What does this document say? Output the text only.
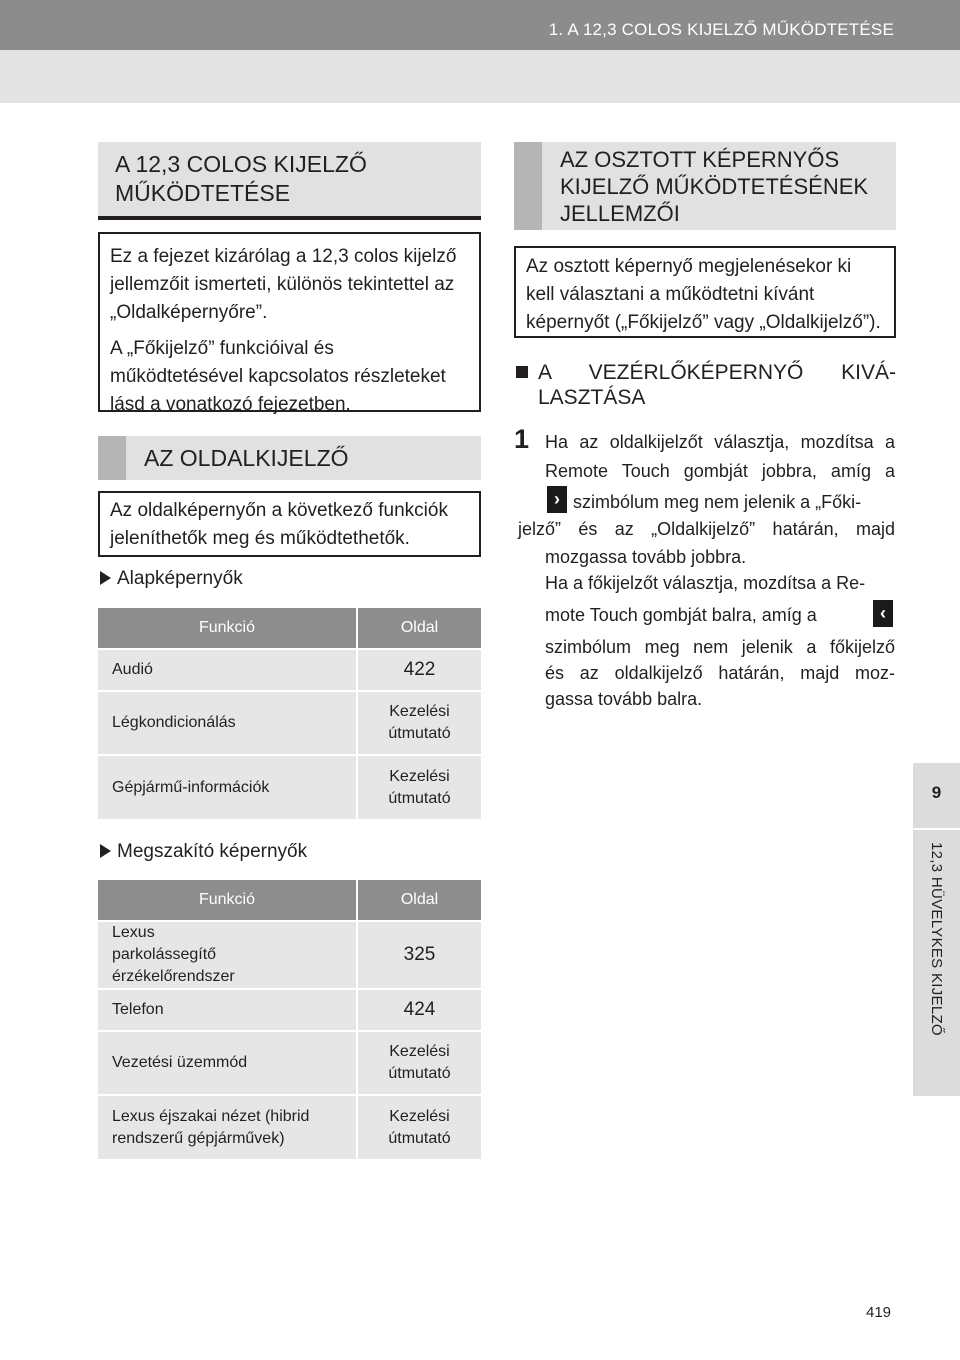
1. A 12,3 COLOS KIJELZŐ MŰKÖDTETÉSE
9
12,3 HÜVELYKES KIJELZŐ
A 12,3 COLOS KIJELZŐ
MŰKÖDTETÉSE

Ez a fejezet kizárólag a 12,3 colos kijelző jellemzőit ismerteti, különös tekintettel az „Oldalképernyőre”.

A „Főkijelző” funkcióival és működtetésével kapcsolatos részleteket lásd a vonatkozó fejezetben.

AZ OLDALKIJELZŐ

Az oldalképernyőn a következő funkciók jeleníthetők meg és működtethetők.

Alapképernyők
Funkció	Oldal
Audió	422
Légkondicionálás	Kezelési útmutató
Gépjármű-információk	Kezelési útmutató
Megszakító képernyők
Funkció	Oldal
Lexus parkolássegítő érzékelőrendszer	325
Telefon	424
Vezetési üzemmód	Kezelési útmutató
Lexus éjszakai nézet (hibrid rendszerű gépjárművek)	Kezelési útmutató
AZ OSZTOTT KÉPERNYŐS
KIJELZŐ MŰKÖDTETÉSÉNEK
JELLEMZŐI

Az osztott képernyő megjelenésekor ki kell választani a működtetni kívánt képernyőt („Főkijelző” vagy „Oldalkijelző”).

A VEZÉRLŐKÉPERNYŐ KIVÁ-
LASZTÁSA
1 Ha az oldalkijelzőt választja, mozdítsa a
Remote Touch gombját jobbra, amíg a
› szimbólum meg nem jelenik a „Főki-
jelző” és az „Oldalkijelző” határán, majd
mozgassa tovább jobbra.
Ha a főkijelzőt választja, mozdítsa a Re-
mote Touch gombját balra, amíg a	‹
szimbólum meg nem jelenik a főkijelző
és az oldalkijelző határán, majd moz-
gassa tovább balra.
419
